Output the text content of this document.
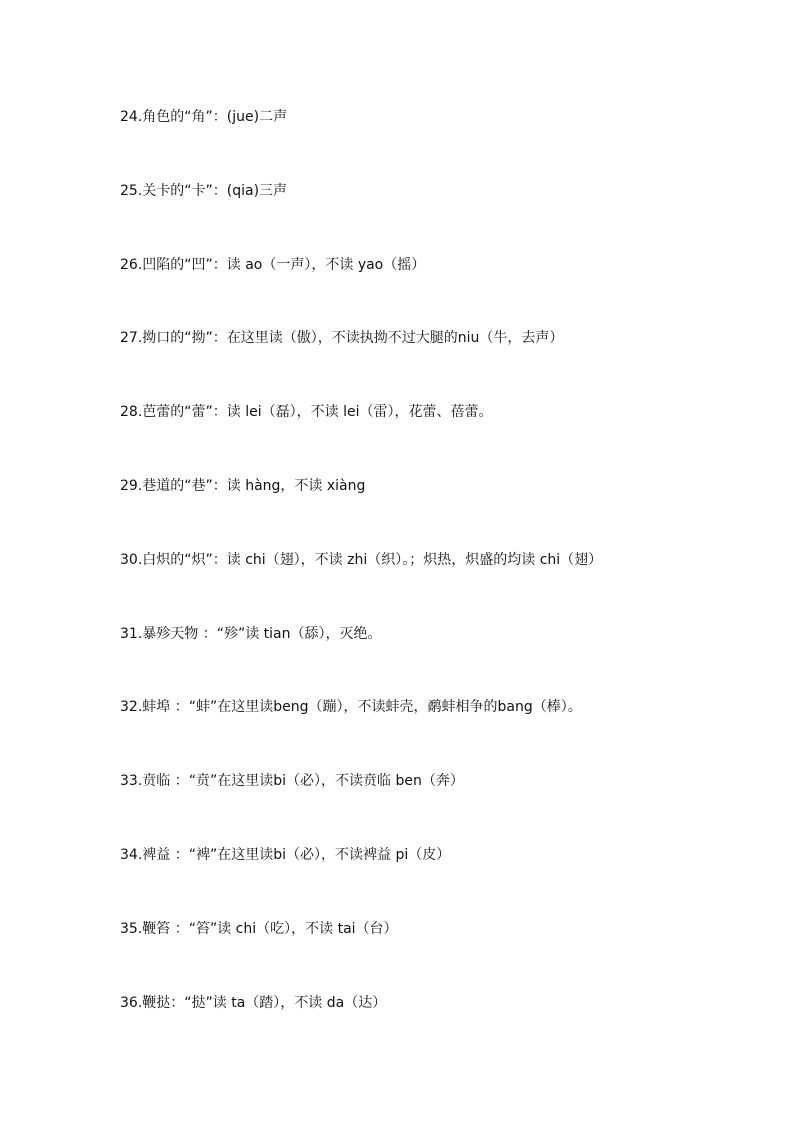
24.角色的“角”：(jue)二声
25.关卡的“卡”：(qia)三声
26.凹陷的“凹”：读 ao（一声），不读 yao（摇）
27.拗口的“拗”：在这里读（傲），不读执拗不过大腿的niu（牛，去声）
28.芭蕾的“蕾”：读 lei（磊），不读 lei（雷），花蕾、蓓蕾。
29.巷道的“巷”：读 hàng，不读 xiàng
30.白炽的“炽”：读 chi（翅），不读 zhi（织）。；炽热，炽盛的均读 chi（翅）
31.暴殄天物 ：“殄”读 tian（舔），灭绝。
32.蚌埠 ：“蚌”在这里读beng（蹦），不读蚌壳，鹬蚌相争的bang（棒）。
33.贲临 ：“贲”在这里读bi（必），不读贲临 ben（奔）
34.裨益 ：“裨”在这里读bi（必），不读裨益 pi（皮）
35.鞭笞 ：“笞”读 chi（吃），不读 tai（台）
36.鞭挞：“挞”读 ta（踏），不读 da（达）
